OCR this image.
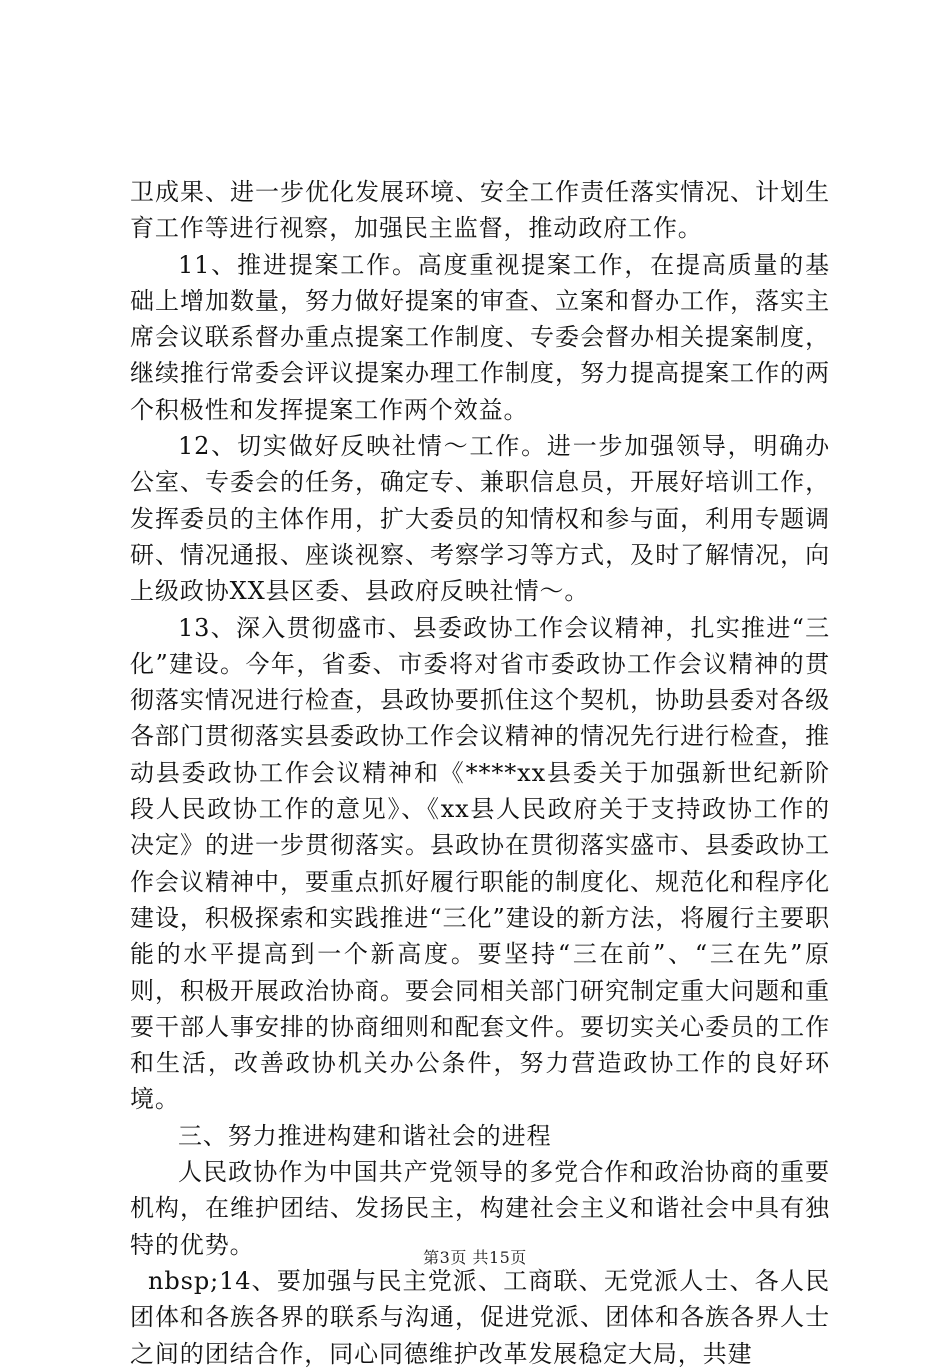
卫成果、进一步优化发展环境、安全工作责任落实情况、计划生育工作等进行视察，加强民主监督，推动政府工作。

11、推进提案工作。高度重视提案工作，在提高质量的基础上增加数量，努力做好提案的审查、立案和督办工作，落实主席会议联系督办重点提案工作制度、专委会督办相关提案制度，继续推行常委会评议提案办理工作制度，努力提高提案工作的两个积极性和发挥提案工作两个效益。

12、切实做好反映社情～工作。进一步加强领导，明确办公室、专委会的任务，确定专、兼职信息员，开展好培训工作，发挥委员的主体作用，扩大委员的知情权和参与面，利用专题调研、情况通报、座谈视察、考察学习等方式，及时了解情况，向上级政协XX县区委、县政府反映社情～。

13、深入贯彻盛市、县委政协工作会议精神，扎实推进“三化”建设。今年，省委、市委将对省市委政协工作会议精神的贯彻落实情况进行检查，县政协要抓住这个契机，协助县委对各级各部门贯彻落实县委政协工作会议精神的情况先行进行检查，推动县委政协工作会议精神和《****xx县委关于加强新世纪新阶段人民政协工作的意见》、《xx县人民政府关于支持政协工作的决定》的进一步贯彻落实。县政协在贯彻落实盛市、县委政协工作会议精神中，要重点抓好履行职能的制度化、规范化和程序化建设，积极探索和实践推进“三化”建设的新方法，将履行主要职能的水平提高到一个新高度。要坚持“三在前”、“三在先”原则，积极开展政治协商。要会同相关部门研究制定重大问题和重要干部人事安排的协商细则和配套文件。要切实关心委员的工作和生活，改善政协机关办公条件，努力营造政协工作的良好环境。

三、努力推进构建和谐社会的进程

人民政协作为中国共产党领导的多党合作和政治协商的重要机构，在维护团结、发扬民主，构建社会主义和谐社会中具有独特的优势。

nbsp;14、要加强与民主党派、工商联、无党派人士、各人民团体和各族各界的联系与沟通，促进党派、团体和各族各界人士之间的团结合作，同心同德维护改革发展稳定大局，共建

第3页 共15页
